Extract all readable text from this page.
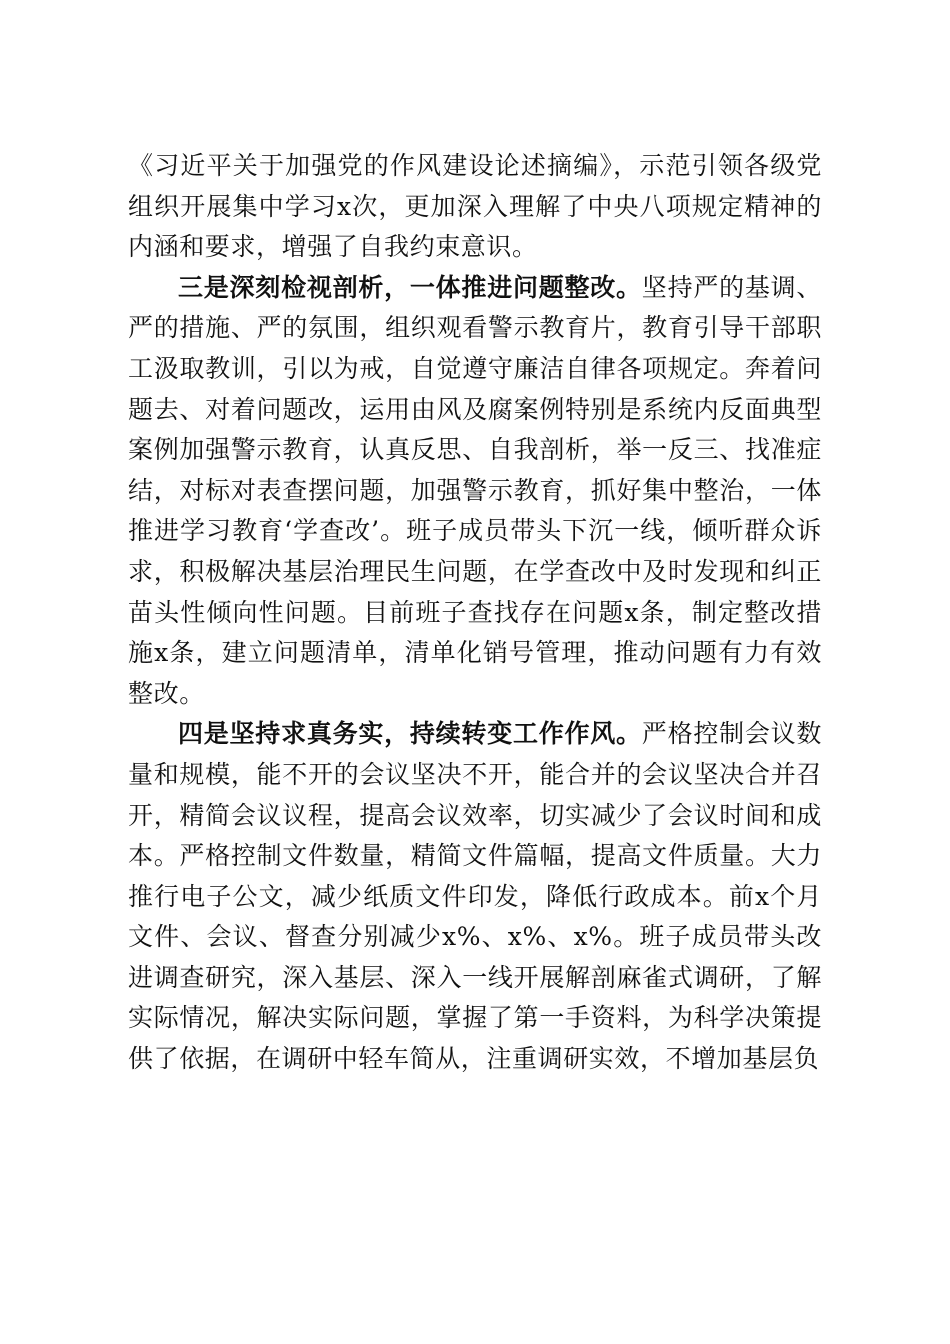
《习近平关于加强党的作风建设论述摘编》，示范引领各级党组织开展集中学习x次，更加深入理解了中央八项规定精神的内涵和要求，增强了自我约束意识。

三是深刻检视剖析，一体推进问题整改。坚持严的基调、严的措施、严的氛围，组织观看警示教育片，教育引导干部职工汲取教训，引以为戒，自觉遵守廉洁自律各项规定。奔着问题去、对着问题改，运用由风及腐案例特别是系统内反面典型案例加强警示教育，认真反思、自我剖析，举一反三、找准症结，对标对表查摆问题，加强警示教育，抓好集中整治，一体推进学习教育‘学查改’。班子成员带头下沉一线，倾听群众诉求，积极解决基层治理民生问题，在学查改中及时发现和纠正苗头性倾向性问题。目前班子查找存在问题x条，制定整改措施x条，建立问题清单，清单化销号管理，推动问题有力有效整改。

四是坚持求真务实，持续转变工作作风。严格控制会议数量和规模，能不开的会议坚决不开，能合并的会议坚决合并召开，精简会议议程，提高会议效率，切实减少了会议时间和成本。严格控制文件数量，精简文件篇幅，提高文件质量。大力推行电子公文，减少纸质文件印发，降低行政成本。前x个月文件、会议、督查分别减少x%、x%、x%。班子成员带头改进调查研究，深入基层、深入一线开展解剖麻雀式调研，了解实际情况，解决实际问题，掌握了第一手资料，为科学决策提供了依据，在调研中轻车简从，注重调研实效，不增加基层负
